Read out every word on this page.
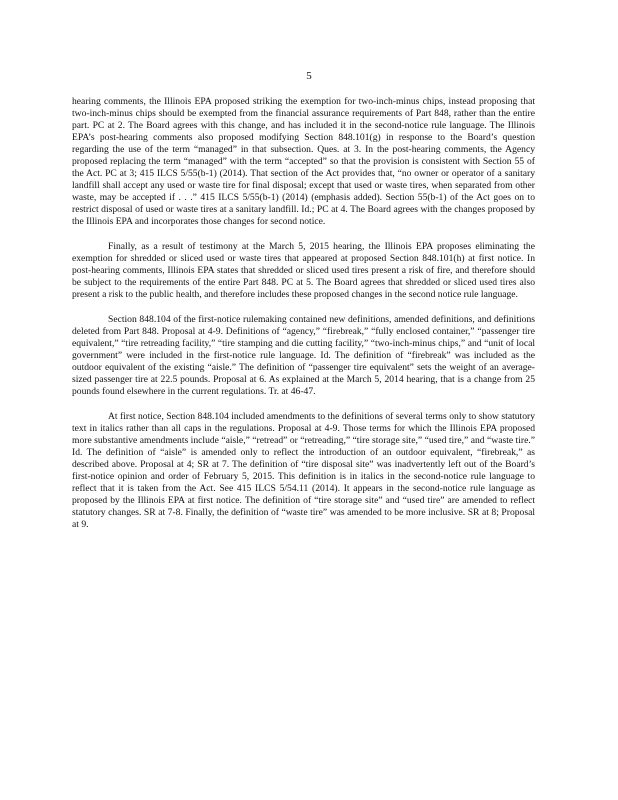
5

hearing comments, the Illinois EPA proposed striking the exemption for two-inch-minus chips, instead proposing that two-inch-minus chips should be exempted from the financial assurance requirements of Part 848, rather than the entire part. PC at 2. The Board agrees with this change, and has included it in the second-notice rule language. The Illinois EPA’s post-hearing comments also proposed modifying Section 848.101(g) in response to the Board’s question regarding the use of the term “managed” in that subsection. Ques. at 3. In the post-hearing comments, the Agency proposed replacing the term “managed” with the term “accepted” so that the provision is consistent with Section 55 of the Act. PC at 3; 415 ILCS 5/55(b-1) (2014). That section of the Act provides that, “no owner or operator of a sanitary landfill shall accept any used or waste tire for final disposal; except that used or waste tires, when separated from other waste, may be accepted if . . .” 415 ILCS 5/55(b-1) (2014) (emphasis added). Section 55(b-1) of the Act goes on to restrict disposal of used or waste tires at a sanitary landfill. Id.; PC at 4. The Board agrees with the changes proposed by the Illinois EPA and incorporates those changes for second notice.

Finally, as a result of testimony at the March 5, 2015 hearing, the Illinois EPA proposes eliminating the exemption for shredded or sliced used or waste tires that appeared at proposed Section 848.101(h) at first notice. In post-hearing comments, Illinois EPA states that shredded or sliced used tires present a risk of fire, and therefore should be subject to the requirements of the entire Part 848. PC at 5. The Board agrees that shredded or sliced used tires also present a risk to the public health, and therefore includes these proposed changes in the second notice rule language.

Section 848.104 of the first-notice rulemaking contained new definitions, amended definitions, and definitions deleted from Part 848. Proposal at 4-9. Definitions of “agency,” “firebreak,” “fully enclosed container,” “passenger tire equivalent,” “tire retreading facility,” “tire stamping and die cutting facility,” “two-inch-minus chips,” and “unit of local government” were included in the first-notice rule language. Id. The definition of “firebreak” was included as the outdoor equivalent of the existing “aisle.” The definition of “passenger tire equivalent” sets the weight of an average-sized passenger tire at 22.5 pounds. Proposal at 6. As explained at the March 5, 2014 hearing, that is a change from 25 pounds found elsewhere in the current regulations. Tr. at 46-47.

At first notice, Section 848.104 included amendments to the definitions of several terms only to show statutory text in italics rather than all caps in the regulations. Proposal at 4-9. Those terms for which the Illinois EPA proposed more substantive amendments include “aisle,” “retread” or “retreading,” “tire storage site,” “used tire,” and “waste tire.” Id. The definition of “aisle” is amended only to reflect the introduction of an outdoor equivalent, “firebreak,” as described above. Proposal at 4; SR at 7. The definition of “tire disposal site” was inadvertently left out of the Board’s first-notice opinion and order of February 5, 2015. This definition is in italics in the second-notice rule language to reflect that it is taken from the Act. See 415 ILCS 5/54.11 (2014). It appears in the second-notice rule language as proposed by the Illinois EPA at first notice. The definition of “tire storage site” and “used tire” are amended to reflect statutory changes. SR at 7-8. Finally, the definition of “waste tire” was amended to be more inclusive. SR at 8; Proposal at 9.
